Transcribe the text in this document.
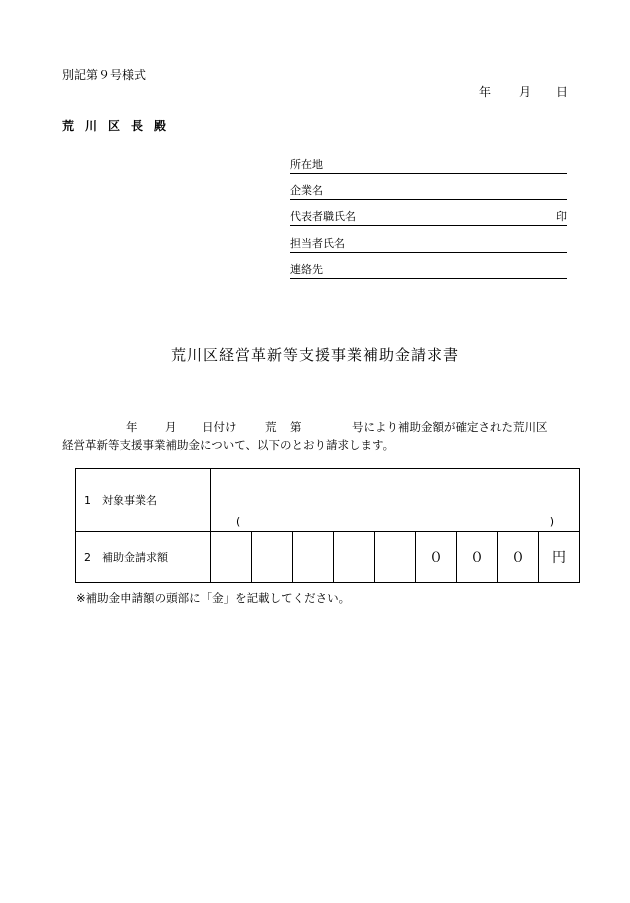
別記第９号様式
年 月 日
荒川区長殿
所在地
企業名
代表者職氏名	印
担当者氏名
連絡先
荒川区経営革新等支援事業補助金請求書
年 月 日付け 荒 第	号により補助金額が確定された荒川区
経営革新等支援事業補助金について、以下のとおり請求します。
1　対象事業名	( )								

2　補助金請求額						０	０	０	円
※補助金申請額の頭部に「金」を記載してください。
